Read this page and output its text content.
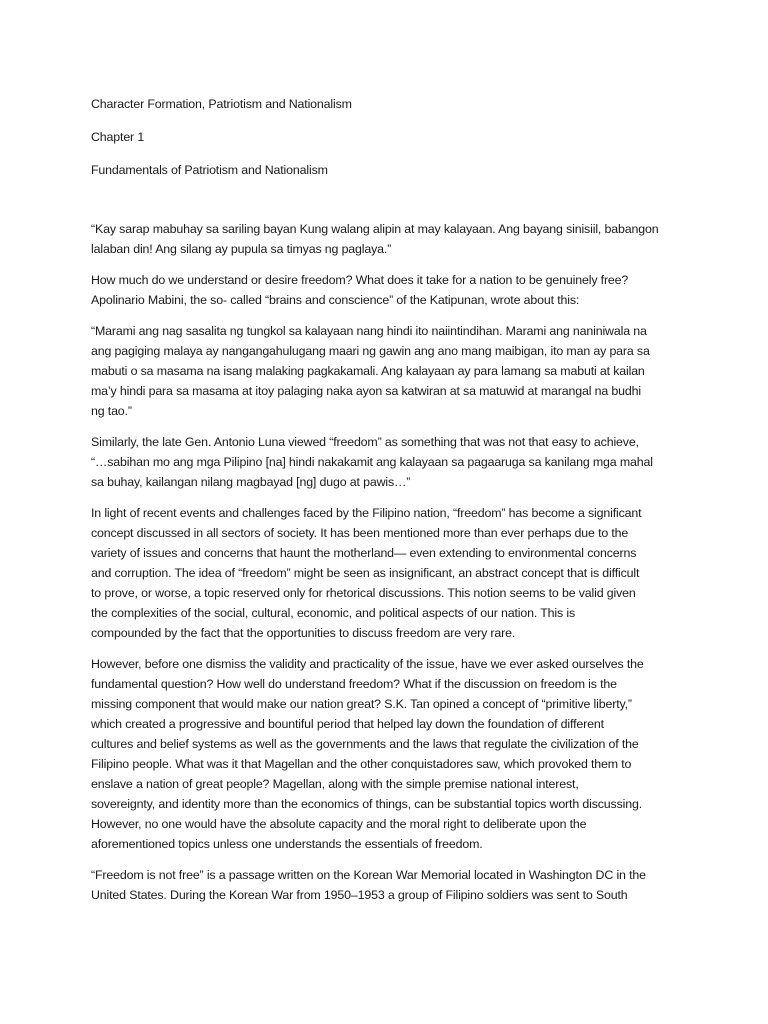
Character Formation, Patriotism and Nationalism

Chapter 1

Fundamentals of Patriotism and Nationalism

“Kay sarap mabuhay sa sariling bayan Kung walang alipin at may kalayaan. Ang bayang sinisiil, babangon
lalaban din! Ang silang ay pupula sa timyas ng paglaya.”
How much do we understand or desire freedom? What does it take for a nation to be genuinely free?
Apolinario Mabini, the so- called “brains and conscience” of the Katipunan, wrote about this:
“Marami ang nag sasalita ng tungkol sa kalayaan nang hindi ito naiintindihan. Marami ang naniniwala na
ang pagiging malaya ay nangangahulugang maari ng gawin ang ano mang maibigan, ito man ay para sa
mabuti o sa masama na isang malaking pagkakamali. Ang kalayaan ay para lamang sa mabuti at kailan
ma’y hindi para sa masama at itoy palaging naka ayon sa katwiran at sa matuwid at marangal na budhi
ng tao.”
Similarly, the late Gen. Antonio Luna viewed “freedom” as something that was not that easy to achieve,
“…sabihan mo ang mga Pilipino [na] hindi nakakamit ang kalayaan sa pagaaruga sa kanilang mga mahal
sa buhay, kailangan nilang magbayad [ng] dugo at pawis…”
In light of recent events and challenges faced by the Filipino nation, “freedom” has become a significant
concept discussed in all sectors of society. It has been mentioned more than ever perhaps due to the
variety of issues and concerns that haunt the motherland— even extending to environmental concerns
and corruption. The idea of “freedom” might be seen as insignificant, an abstract concept that is difficult
to prove, or worse, a topic reserved only for rhetorical discussions. This notion seems to be valid given
the complexities of the social, cultural, economic, and political aspects of our nation. This is
compounded by the fact that the opportunities to discuss freedom are very rare.
However, before one dismiss the validity and practicality of the issue, have we ever asked ourselves the
fundamental question? How well do understand freedom? What if the discussion on freedom is the
missing component that would make our nation great? S.K. Tan opined a concept of “primitive liberty,”
which created a progressive and bountiful period that helped lay down the foundation of different
cultures and belief systems as well as the governments and the laws that regulate the civilization of the
Filipino people. What was it that Magellan and the other conquistadores saw, which provoked them to
enslave a nation of great people? Magellan, along with the simple premise national interest,
sovereignty, and identity more than the economics of things, can be substantial topics worth discussing.
However, no one would have the absolute capacity and the moral right to deliberate upon the
aforementioned topics unless one understands the essentials of freedom.
“Freedom is not free” is a passage written on the Korean War Memorial located in Washington DC in the
United States. During the Korean War from 1950–1953 a group of Filipino soldiers was sent to South
